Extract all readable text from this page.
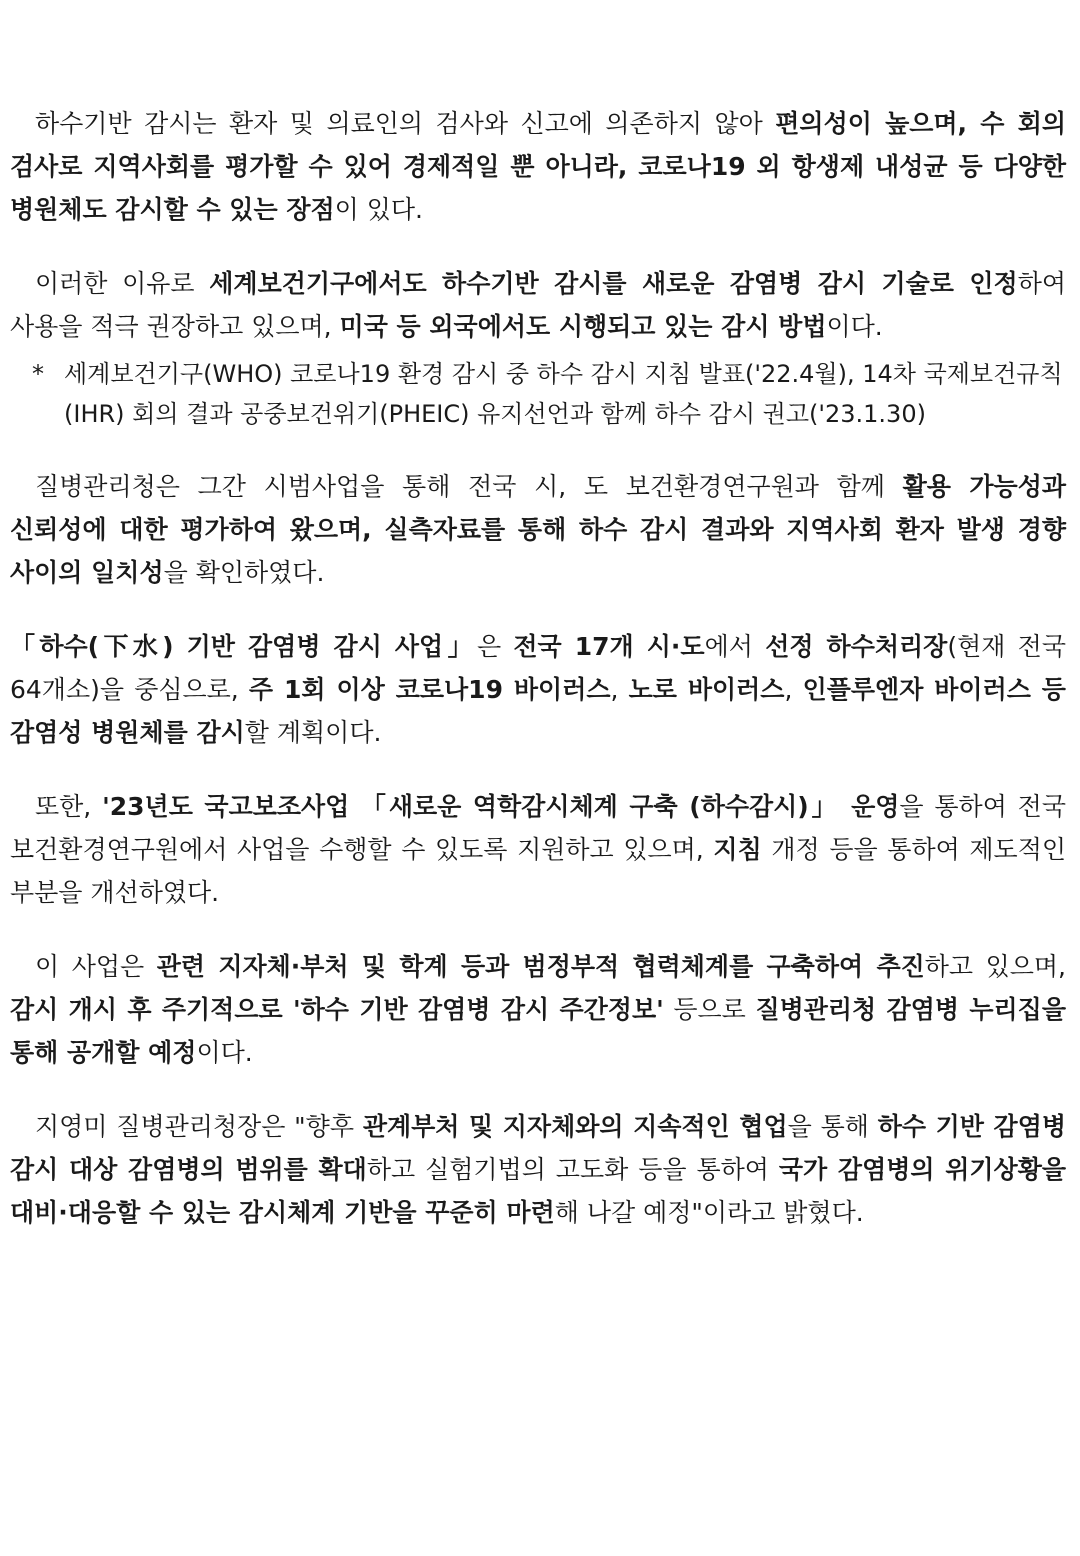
하수기반 감시는 환자 및 의료인의 검사와 신고에 의존하지 않아 편의성이 높으며, 수 회의 검사로 지역사회를 평가할 수 있어 경제적일 뿐 아니라, 코로나19 외 항생제 내성균 등 다양한 병원체도 감시할 수 있는 장점이 있다.

이러한 이유로 세계보건기구에서도 하수기반 감시를 새로운 감염병 감시 기술로 인정하여 사용을 적극 권장하고 있으며, 미국 등 외국에서도 시행되고 있는 감시 방법이다.

* 세계보건기구(WHO) 코로나19 환경 감시 중 하수 감시 지침 발표('22.4월), 14차 국제보건규칙(IHR) 회의 결과 공중보건위기(PHEIC) 유지선언과 함께 하수 감시 권고('23.1.30)

질병관리청은 그간 시범사업을 통해 전국 시, 도 보건환경연구원과 함께 활용 가능성과 신뢰성에 대한 평가하여 왔으며, 실측자료를 통해 하수 감시 결과와 지역사회 환자 발생 경향 사이의 일치성을 확인하였다.

「하수(下水) 기반 감염병 감시 사업」은 전국 17개 시·도에서 선정 하수처리장(현재 전국 64개소)을 중심으로, 주 1회 이상 코로나19 바이러스, 노로 바이러스, 인플루엔자 바이러스 등 감염성 병원체를 감시할 계획이다.

또한, '23년도 국고보조사업 「새로운 역학감시체계 구축 (하수감시)」 운영을 통하여 전국 보건환경연구원에서 사업을 수행할 수 있도록 지원하고 있으며, 지침 개정 등을 통하여 제도적인 부분을 개선하였다.

이 사업은 관련 지자체·부처 및 학계 등과 범정부적 협력체계를 구축하여 추진하고 있으며, 감시 개시 후 주기적으로 '하수 기반 감염병 감시 주간정보' 등으로 질병관리청 감염병 누리집을 통해 공개할 예정이다.

지영미 질병관리청장은 "향후 관계부처 및 지자체와의 지속적인 협업을 통해 하수 기반 감염병 감시 대상 감염병의 범위를 확대하고 실험기법의 고도화 등을 통하여 국가 감염병의 위기상황을 대비·대응할 수 있는 감시체계 기반을 꾸준히 마련해 나갈 예정"이라고 밝혔다.
